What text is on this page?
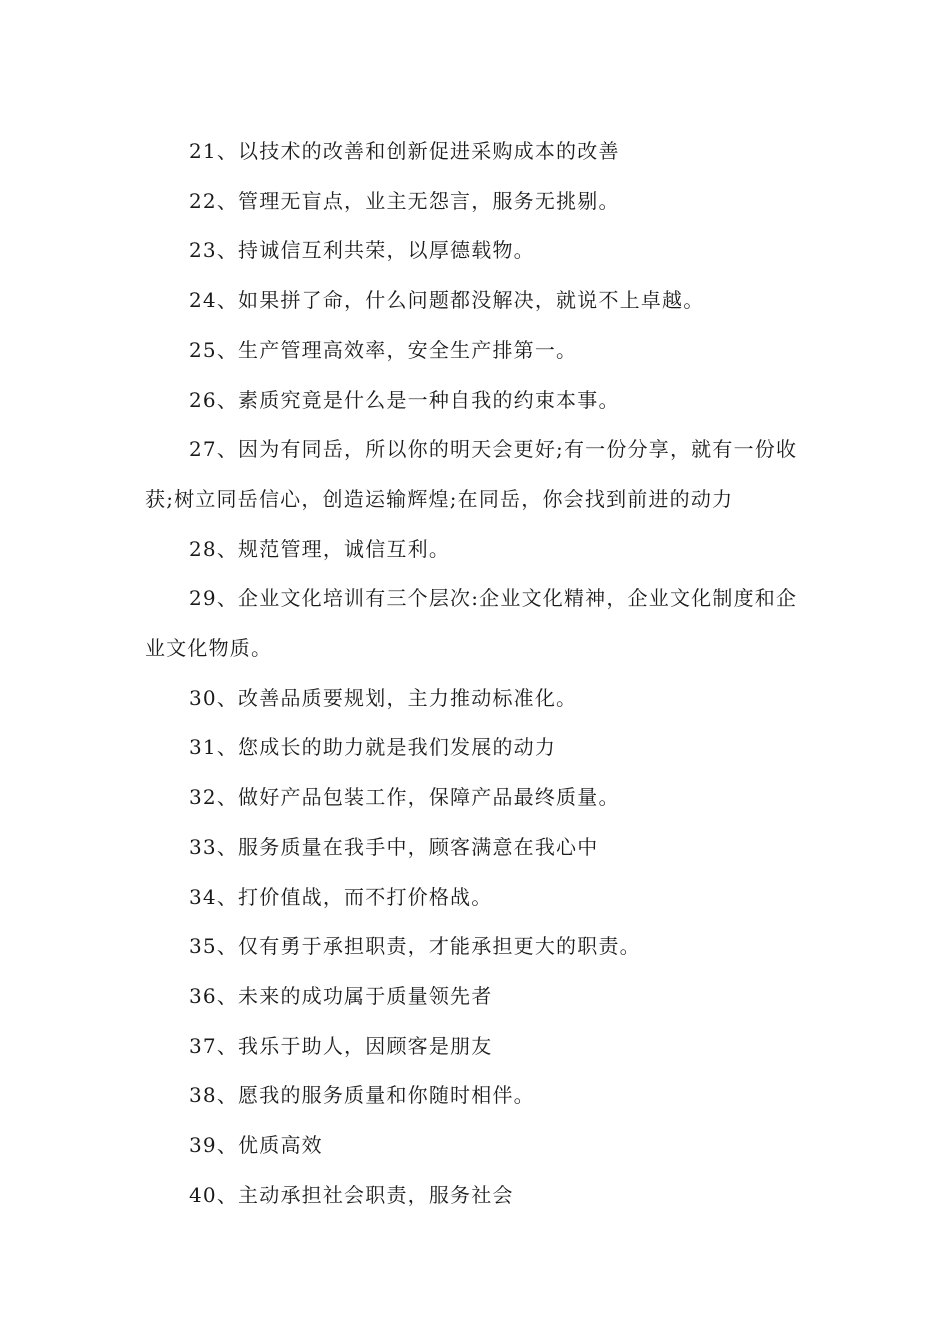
21、以技术的改善和创新促进采购成本的改善

22、管理无盲点，业主无怨言，服务无挑剔。

23、持诚信互利共荣，以厚德载物。

24、如果拼了命，什么问题都没解决，就说不上卓越。

25、生产管理高效率，安全生产排第一。

26、素质究竟是什么是一种自我的约束本事。

27、因为有同岳，所以你的明天会更好;有一份分享，就有一份收获;树立同岳信心，创造运输辉煌;在同岳，你会找到前进的动力

28、规范管理，诚信互利。

29、企业文化培训有三个层次:企业文化精神，企业文化制度和企业文化物质。

30、改善品质要规划，主力推动标准化。

31、您成长的助力就是我们发展的动力

32、做好产品包装工作，保障产品最终质量。

33、服务质量在我手中，顾客满意在我心中

34、打价值战，而不打价格战。

35、仅有勇于承担职责，才能承担更大的职责。

36、未来的成功属于质量领先者

37、我乐于助人，因顾客是朋友

38、愿我的服务质量和你随时相伴。

39、优质高效

40、主动承担社会职责，服务社会
